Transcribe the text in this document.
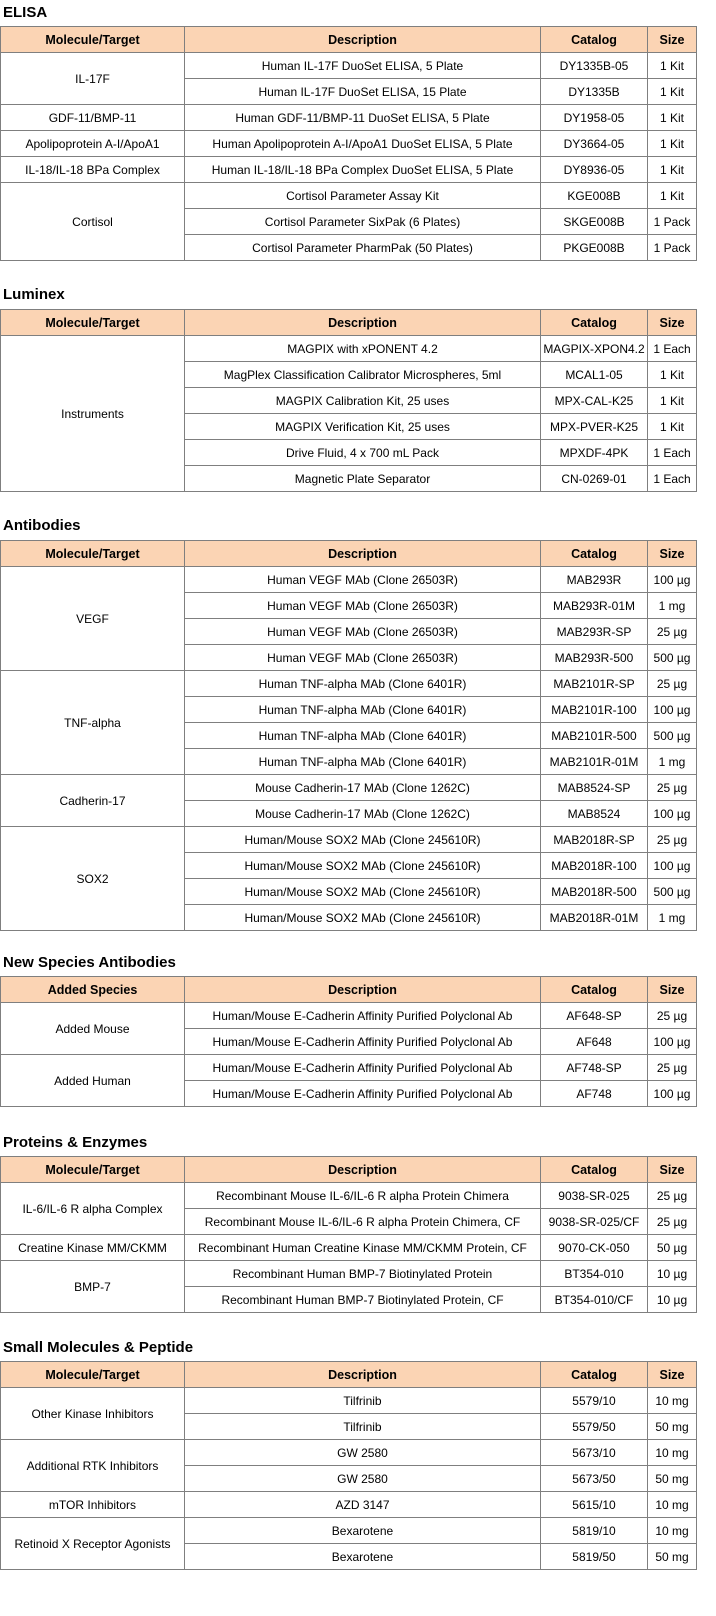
ELISA
Molecule/Target	Description	Catalog	Size
IL-17F	Human IL-17F DuoSet ELISA, 5 Plate	DY1335B-05	1 Kit
	Human IL-17F DuoSet ELISA, 15 Plate	DY1335B	1 Kit
GDF-11/BMP-11	Human GDF-11/BMP-11 DuoSet ELISA, 5 Plate	DY1958-05	1 Kit
Apolipoprotein A-I/ApoA1	Human Apolipoprotein A-I/ApoA1 DuoSet ELISA, 5 Plate	DY3664-05	1 Kit
IL-18/IL-18 BPa Complex	Human IL-18/IL-18 BPa Complex DuoSet ELISA, 5 Plate	DY8936-05	1 Kit
Cortisol	Cortisol Parameter Assay Kit	KGE008B	1 Kit
	Cortisol Parameter SixPak (6 Plates)	SKGE008B	1 Pack
	Cortisol Parameter PharmPak (50 Plates)	PKGE008B	1 Pack
Luminex
Molecule/Target	Description	Catalog	Size
Instruments	MAGPIX with xPONENT 4.2	MAGPIX-XPON4.2	1 Each
	MagPlex Classification Calibrator Microspheres, 5ml	MCAL1-05	1 Kit
	MAGPIX Calibration Kit, 25 uses	MPX-CAL-K25	1 Kit
	MAGPIX Verification Kit, 25 uses	MPX-PVER-K25	1 Kit
	Drive Fluid, 4 x 700 mL Pack	MPXDF-4PK	1 Each
	Magnetic Plate Separator	CN-0269-01	1 Each
Antibodies
Molecule/Target	Description	Catalog	Size
VEGF	Human VEGF MAb (Clone 26503R)	MAB293R	100 µg
	Human VEGF MAb (Clone 26503R)	MAB293R-01M	1 mg
	Human VEGF MAb (Clone 26503R)	MAB293R-SP	25 µg
	Human VEGF MAb (Clone 26503R)	MAB293R-500	500 µg
TNF-alpha	Human TNF-alpha MAb (Clone 6401R)	MAB2101R-SP	25 µg
	Human TNF-alpha MAb (Clone 6401R)	MAB2101R-100	100 µg
	Human TNF-alpha MAb (Clone 6401R)	MAB2101R-500	500 µg
	Human TNF-alpha MAb (Clone 6401R)	MAB2101R-01M	1 mg
Cadherin-17	Mouse Cadherin-17 MAb (Clone 1262C)	MAB8524-SP	25 µg
	Mouse Cadherin-17 MAb (Clone 1262C)	MAB8524	100 µg
SOX2	Human/Mouse SOX2 MAb (Clone 245610R)	MAB2018R-SP	25 µg
	Human/Mouse SOX2 MAb (Clone 245610R)	MAB2018R-100	100 µg
	Human/Mouse SOX2 MAb (Clone 245610R)	MAB2018R-500	500 µg
	Human/Mouse SOX2 MAb (Clone 245610R)	MAB2018R-01M	1 mg
New Species Antibodies
Added Species	Description	Catalog	Size
Added Mouse	Human/Mouse E-Cadherin Affinity Purified Polyclonal Ab	AF648-SP	25 µg
	Human/Mouse E-Cadherin Affinity Purified Polyclonal Ab	AF648	100 µg
Added Human	Human/Mouse E-Cadherin Affinity Purified Polyclonal Ab	AF748-SP	25 µg
	Human/Mouse E-Cadherin Affinity Purified Polyclonal Ab	AF748	100 µg
Proteins & Enzymes
Molecule/Target	Description	Catalog	Size
IL-6/IL-6 R alpha Complex	Recombinant Mouse IL-6/IL-6 R alpha Protein Chimera	9038-SR-025	25 µg
	Recombinant Mouse IL-6/IL-6 R alpha Protein Chimera, CF	9038-SR-025/CF	25 µg
Creatine Kinase MM/CKMM	Recombinant Human Creatine Kinase MM/CKMM Protein, CF	9070-CK-050	50 µg
BMP-7	Recombinant Human BMP-7 Biotinylated Protein	BT354-010	10 µg
	Recombinant Human BMP-7 Biotinylated Protein, CF	BT354-010/CF	10 µg
Small Molecules & Peptide
Molecule/Target	Description	Catalog	Size
Other Kinase Inhibitors	Tilfrinib	5579/10	10 mg
	Tilfrinib	5579/50	50 mg
Additional RTK Inhibitors	GW 2580	5673/10	10 mg
	GW 2580	5673/50	50 mg
mTOR Inhibitors	AZD 3147	5615/10	10 mg
Retinoid X Receptor Agonists	Bexarotene	5819/10	10 mg
	Bexarotene	5819/50	50 mg
